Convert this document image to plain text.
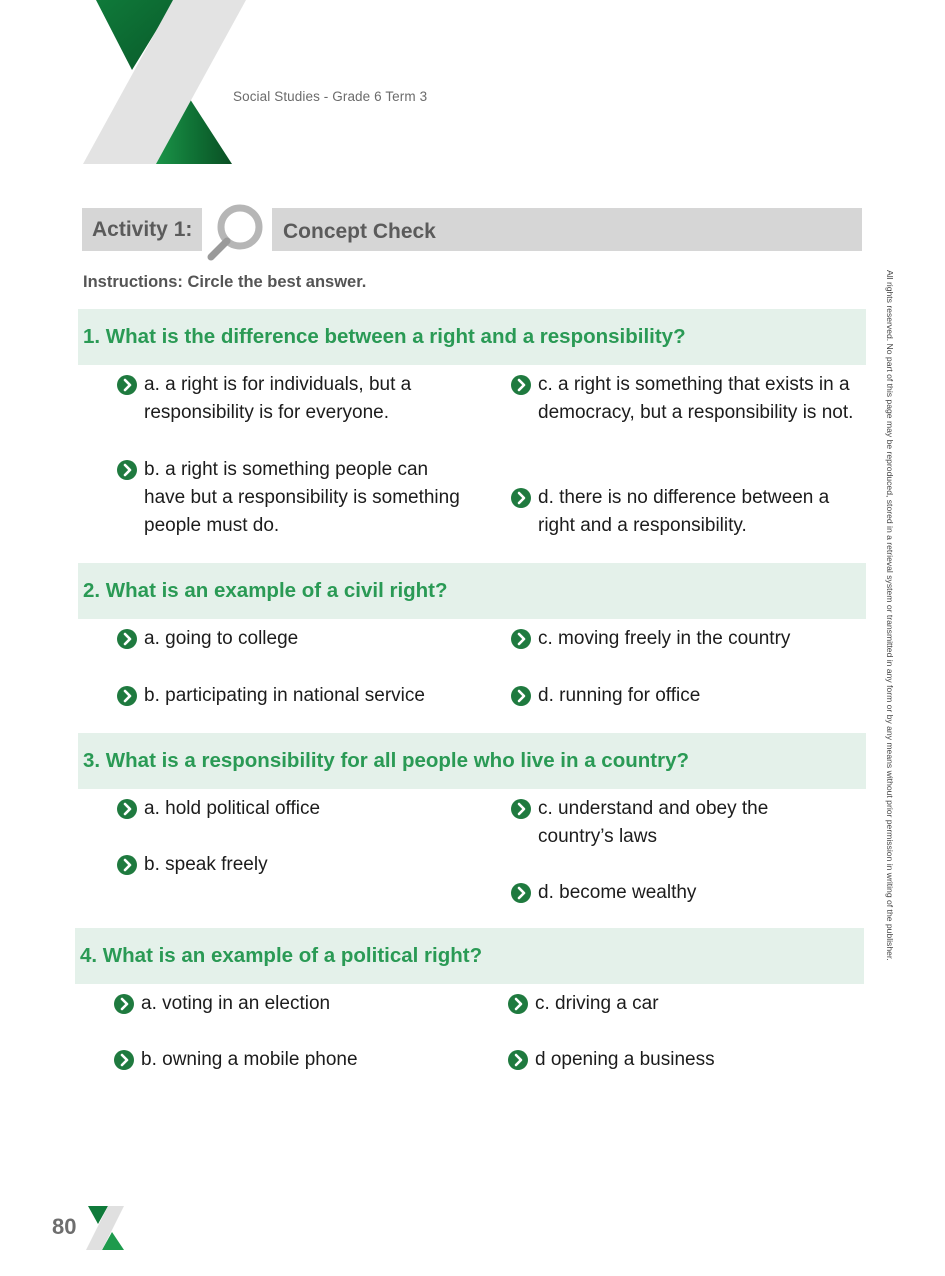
Social Studies - Grade 6 Term 3
Activity 1:	Concept Check
Instructions: Circle the best answer.
1. What is the difference between a right and a responsibility?
a. a right is for individuals, but a responsibility is for everyone.
b. a right is something people can have but a responsibility is something people must do.
c. a right is something that exists in a democracy, but a responsibility is not.
d. there is no difference between a right and a responsibility.
2. What is an example of a civil right?
a. going to college
b. participating in national service
c. moving freely in the country
d. running for office
3. What is a responsibility for all people who live in a country?
a. hold political office
b. speak freely
c. understand and obey the country’s laws
d. become wealthy
4. What is an example of a political right?
a. voting in an election
b. owning a mobile phone
c. driving a car
d opening a business
All rights reserved. No part of this page may be reproduced, stored in a retrieval system or transmitted in any form or by any means without prior permission in writing of the publisher.
80
